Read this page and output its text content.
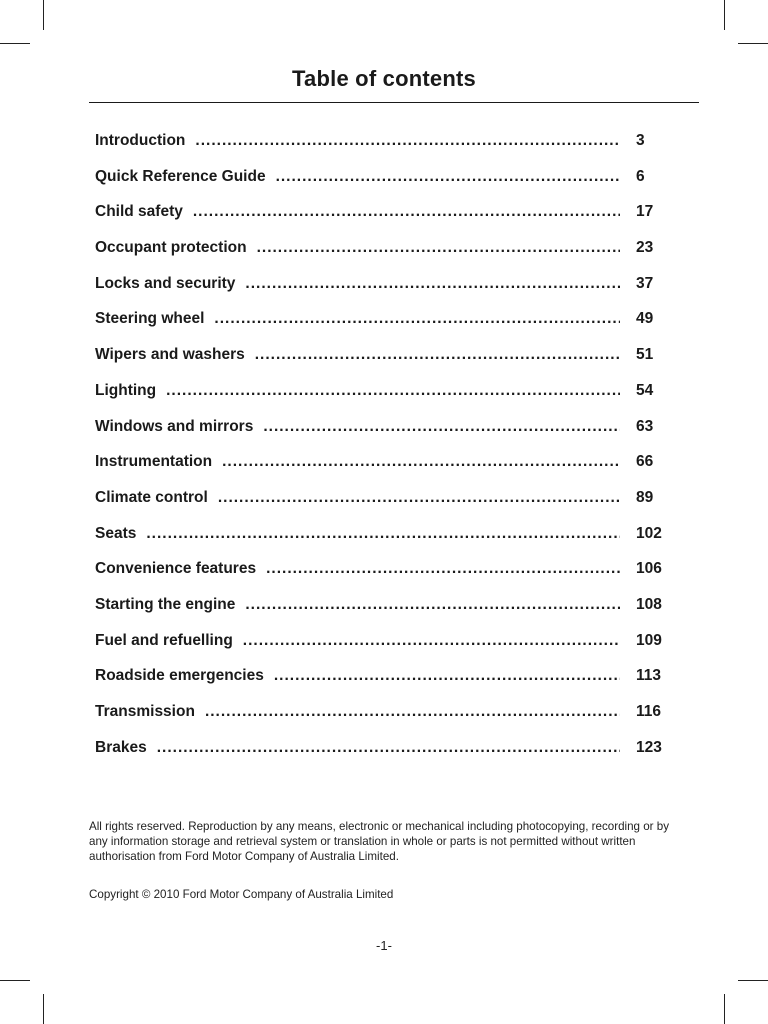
Table of contents
Introduction .....	3
Quick Reference Guide .....	6
Child safety .....	17
Occupant protection .....	23
Locks and security .....	37
Steering wheel .....	49
Wipers and washers .....	51
Lighting .....	54
Windows and mirrors .....	63
Instrumentation .....	66
Climate control .....	89
Seats .....	102
Convenience features .....	106
Starting the engine .....	108
Fuel and refuelling .....	109
Roadside emergencies .....	113
Transmission .....	116
Brakes .....	123
All rights reserved. Reproduction by any means, electronic or mechanical including photocopying, recording or by any information storage and retrieval system or translation in whole or parts is not permitted without written authorisation from Ford Motor Company of Australia Limited.
Copyright © 2010 Ford Motor Company of Australia Limited
-1-
